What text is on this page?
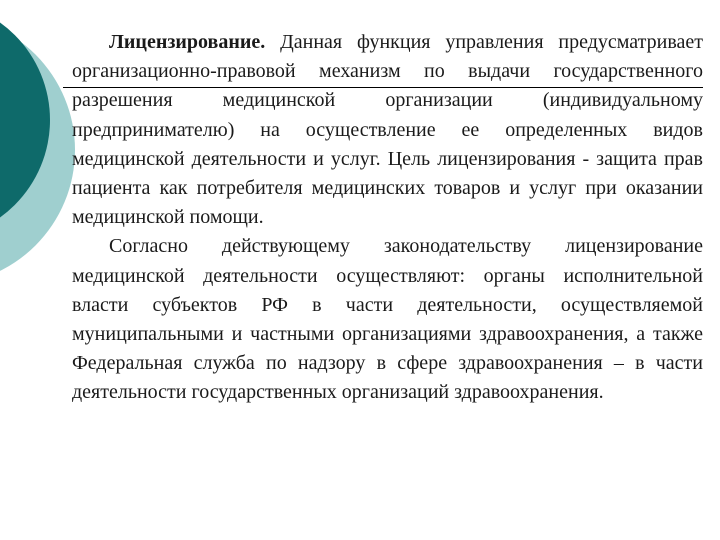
Лицензирование. Данная функция управления предусматривает организационно-правовой механизм по выдачи государственного разрешения медицинской организации (индивидуальному предпринимателю) на осуществление ее определенных видов медицинской деятельности и услуг. Цель лицензирования - защита прав пациента как потребителя медицинских товаров и услуг при оказании медицинской помощи.

Согласно действующему законодательству лицензирование медицинской деятельности осуществляют: органы исполнительной власти субъектов РФ в части деятельности, осуществляемой муниципальными и частными организациями здравоохранения, а также Федеральная служба по надзору в сфере здравоохранения – в части деятельности государственных организаций здравоохранения.
